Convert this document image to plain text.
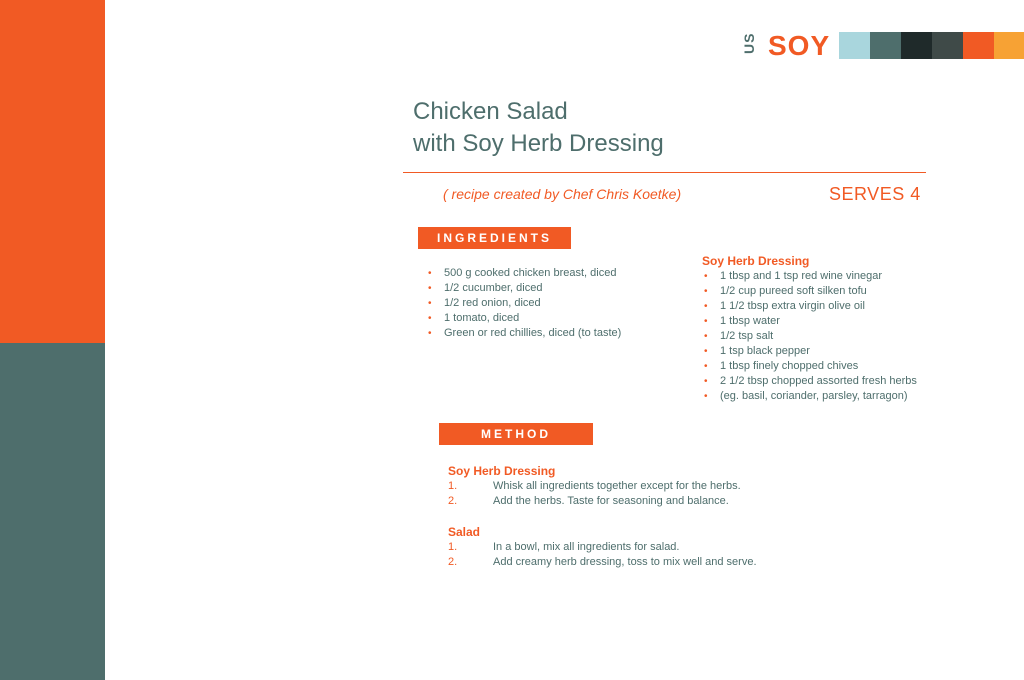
US SOY
Chicken Salad
with Soy Herb Dressing
( recipe created by Chef Chris Koetke)	SERVES 4
INGREDIENTS
• 500 g cooked chicken breast, diced
• 1/2 cucumber, diced
• 1/2 red onion, diced
• 1 tomato, diced
• Green or red chillies, diced (to taste)
Soy Herb Dressing
• 1 tbsp and 1 tsp red wine vinegar
• 1/2 cup pureed soft silken tofu
• 1 1/2 tbsp extra virgin olive oil
• 1 tbsp water
• 1/2 tsp salt
• 1 tsp black pepper
• 1 tbsp finely chopped chives
• 2 1/2 tbsp chopped assorted fresh herbs
• (eg. basil, coriander, parsley, tarragon)
METHOD
Soy Herb Dressing
1.	Whisk all ingredients together except for the herbs.
2.	Add the herbs. Taste for seasoning and balance.
Salad
1.	In a bowl, mix all ingredients for salad.
2.	Add creamy herb dressing, toss to mix well and serve.
